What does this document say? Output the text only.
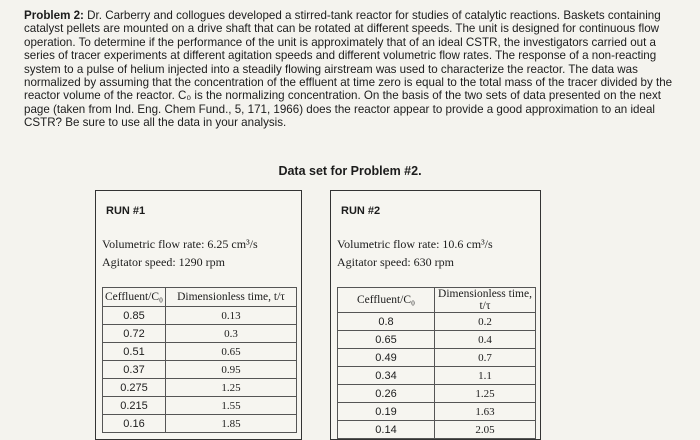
Problem 2: Dr. Carberry and collogues developed a stirred-tank reactor for studies of catalytic reactions. Baskets containing catalyst pellets are mounted on a drive shaft that can be rotated at different speeds. The unit is designed for continuous flow operation. To determine if the performance of the unit is approximately that of an ideal CSTR, the investigators carried out a series of tracer experiments at different agitation speeds and different volumetric flow rates. The response of a non-reacting system to a pulse of helium injected into a steadily flowing airstream was used to characterize the reactor. The data was normalized by assuming that the concentration of the effluent at time zero is equal to the total mass of the tracer divided by the reactor volume of the reactor. C₀ is the normalizing concentration. On the basis of the two sets of data presented on the next page (taken from Ind. Eng. Chem Fund., 5, 171, 1966) does the reactor appear to provide a good approximation to an ideal CSTR? Be sure to use all the data in your analysis.
Data set for Problem #2.
RUN #1
Volumetric flow rate: 6.25 cm³/s
Agitator speed: 1290 rpm
Ceffluent/C₀	Dimensionless time, t/τ
0.85	0.13
0.72	0.3
0.51	0.65
0.37	0.95
0.275	1.25
0.215	1.55
0.16	1.85
RUN #2
Volumetric flow rate: 10.6 cm³/s
Agitator speed: 630 rpm
Ceffluent/C₀	Dimensionless time, t/τ
0.8	0.2
0.65	0.4
0.49	0.7
0.34	1.1
0.26	1.25
0.19	1.63
0.14	2.05
